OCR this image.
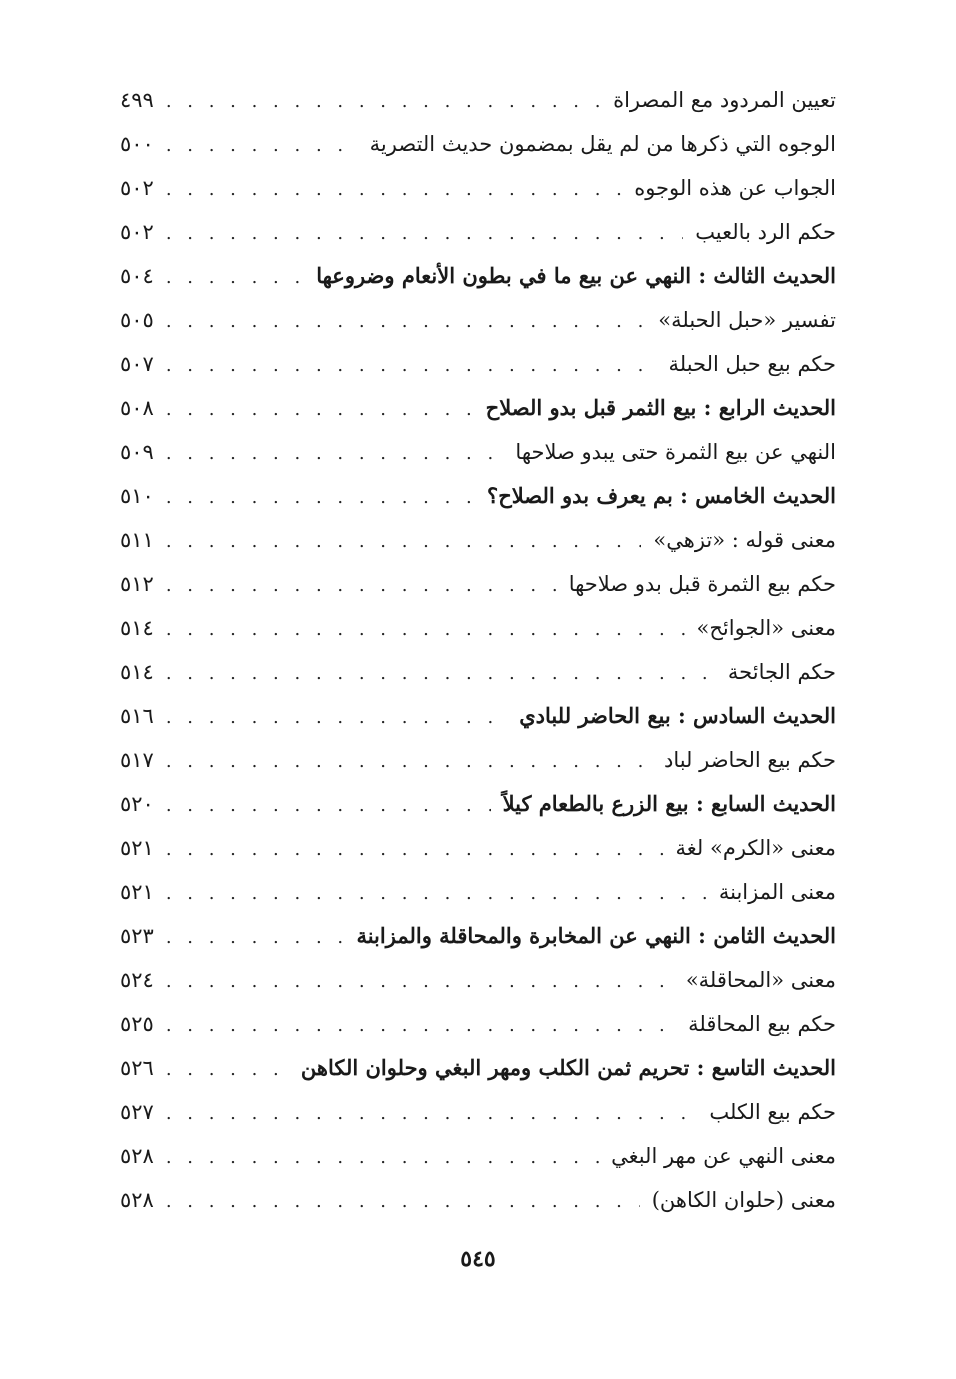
تعيين المردود مع المصراة
. . .
٤٩٩
الوجوه التي ذكرها من لم يقل بمضمون حديث التصرية
. . .
٥٠٠
الجواب عن هذه الوجوه
. . .
٥٠٢
حكم الرد بالعيب
. . .
٥٠٢
الحديث الثالث : النهي عن بيع ما في بطون الأنعام وضروعها
. . .
٥٠٤
تفسير «حبل الحبلة»
. . .
٥٠٥
حكم بيع حبل الحبلة
. . .
٥٠٧
الحديث الرابع : بيع الثمر قبل بدو الصلاح
. . .
٥٠٨
النهي عن بيع الثمرة حتى يبدو صلاحها
. . .
٥٠٩
الحديث الخامس : بم يعرف بدو الصلاح؟
. . .
٥١٠
معنى قوله : «تزهي»
. . .
٥١١
حكم بيع الثمرة قبل بدو صلاحها
. . .
٥١٢
معنى «الجوائح»
. . .
٥١٤
حكم الجائحة
. . .
٥١٤
الحديث السادس : بيع الحاضر للبادي
. . .
٥١٦
حكم بيع الحاضر لباد
. . .
٥١٧
الحديث السابع : بيع الزرع بالطعام كيلاً
. . .
٥٢٠
معنى «الكرم» لغة
. . .
٥٢١
معنى المزابنة
. . .
٥٢١
الحديث الثامن : النهي عن المخابرة والمحاقلة والمزابنة
. . .
٥٢٣
معنى «المحاقلة»
. . .
٥٢٤
حكم بيع المحاقلة
. . .
٥٢٥
الحديث التاسع : تحريم ثمن الكلب ومهر البغي وحلوان الكاهن
. . .
٥٢٦
حكم بيع الكلب
. . .
٥٢٧
معنى النهي عن مهر البغي
. . .
٥٢٨
معنى (حلوان الكاهن)
. . .
٥٢٨
٥٤٥
